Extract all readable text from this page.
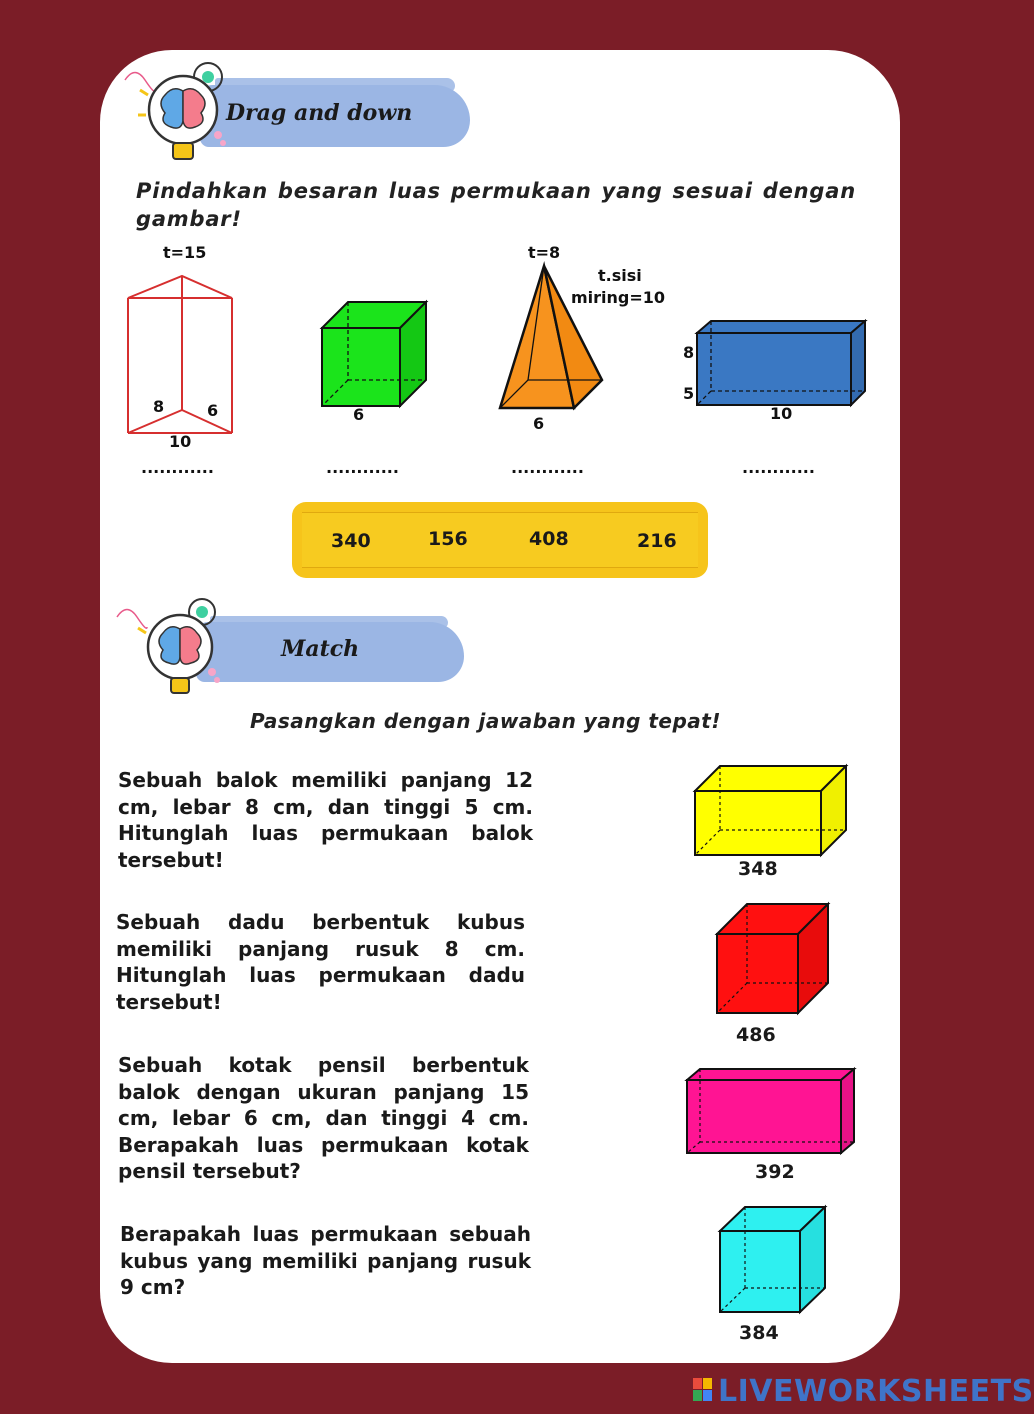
Drag and down
Pindahkan besaran luas permukaan yang sesuai dengan gambar!
t=15
8	6
10
............
6
............
t=8
t.sisi
miring=10
6
............
8
5
10
............
340	156	408	216
Match
Pasangkan dengan jawaban yang tepat!
Sebuah balok memiliki panjang 12 cm, lebar 8 cm, dan tinggi 5 cm. Hitunglah luas permukaan balok tersebut!
Sebuah dadu berbentuk kubus memiliki panjang rusuk 8 cm. Hitunglah luas permukaan dadu tersebut!
Sebuah kotak pensil berbentuk balok dengan ukuran panjang 15 cm, lebar 6 cm, dan tinggi 4 cm. Berapakah luas permukaan kotak pensil tersebut?
Berapakah luas permukaan sebuah kubus yang memiliki panjang rusuk 9 cm?
348
486
392
384
LIVEWORKSHEETS
